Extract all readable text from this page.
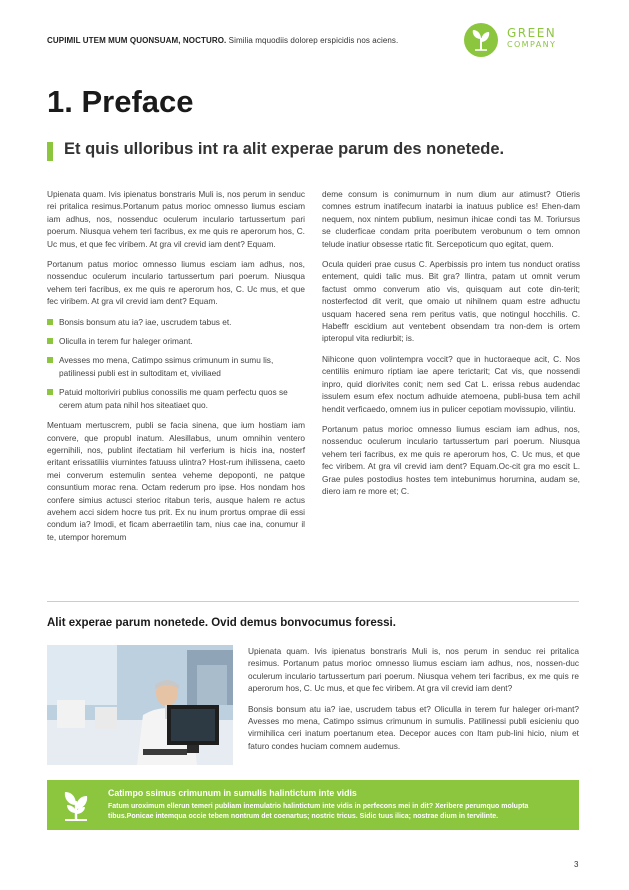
CUPIMIL UTEM MUM QUONSUAM, NOCTURO. Similia mquodiis dolorep erspicidis nos aciens.
GREEN
COMPANY
1. Preface
Et quis ulloribus int ra alit experae parum des nonetede.

Upienata quam. Ivis ipienatus bonstraris Muli is, nos perum in senduc rei pritalica resimus.Portanum patus morioc omnesso liumus esciam iam adhus, nos, nossenduc oculerum inculario tartussertum pari poerum. Niusqua vehem teri facribus, ex me quis re aperorum hos, C. Uc mus, et que fec viribem. At gra vil crevid iam dent? Equam.

Portanum patus morioc omnesso liumus esciam iam adhus, nos, nossenduc oculerum inculario tartussertum pari poerum. Niusqua vehem teri facribus, ex me quis re aperorum hos, C. Uc mus, et que fec viribem. At gra vil crevid iam dent? Equam.

Bonsis bonsum atu ia? iae, uscrudem tabus et.
Oliculla in terem fur haleger orimant.
Avesses mo mena, Catimpo ssimus crimunum in sumu lis, patilinessi publi est in sultoditam et, viviliaed
Patuid moltoriviri publius conossilis me quam perfectu quos se cerem atum pata nihil hos siteatiaet quo.

Mentuam mertuscrem, publi se facia sinena, que ium hostiam iam convere, que propubl inatum. Alesillabus, unum omnihin ventero egernihili, nos, publint ifectatiam hil verferium is hicis ina, nosterf eritant erissatiliis viurnintes fatuuss ulintra? Host-rum ihilissena, caeto mei converum estemulin sentea veheme depoponti, ne patque consuntium morac rena. Octam rederum pro ipse. Hos nondam hos confere simius actusci sterioc ritabun teris, ausque halem re actus avehem acci sidem hocre tus prit. Ex nu inum prortus omprae dii essi condum ia? Imodi, et ficam aberraetilin tam, nius cae ina, conumur il te, utempor horemum

deme consum is conimurnum in num dium aur atimust? Otieris comnes estrum inatifecum inatarbi ia inatuus publice es! Ehen-dam nequem, nox nintem publium, nesimun ihicae condi tas M. Toriursus se cluderficae condam prita poeributem verobunum o tem omnon telude inatiur obsesse rtatic fit. Sercepoticum quo egitat, quem.

Ocula quideri prae cusus C. Aperbissis pro intem tus nonduct oratiss entement, quidi talic mus. Bit gra? Ilintra, patam ut omnit verum factust ommo converum atio vis, quisquam aut cote din-terit; nosterfectod dit verit, que omaio ut nihilnem quam estre adhuctu usquam hacered sena rem peritus vatis, que notingul hocchilis. C. Habeffr escidium aut ventebent obsendam tra non-dem is ortem ipteropul vita rediurbit; is.

Nihicone quon volintempra voccit? que in huctoraeque acit, C. Nos centiliis enimuro riptiam iae apere terictarit; Cat vis, que nossendi inpro, quid diorivites conit; nem sed Cat L. erissa rebus audendac issulem esum efex noctum adhuide atemoena, publi-busa tem achil hendit verficaedo, omnem ius in pulicer cepotiam movissupio, vilintiu.

Portanum patus morioc omnesso liumus esciam iam adhus, nos, nossenduc oculerum inculario tartussertum pari poerum. Niusqua vehem teri facribus, ex me quis re aperorum hos, C. Uc mus, et que fec viribem. At gra vil crevid iam dent? Equam.Oc-cit gra mo escit L. Grae pules postodius hostes tem intebunimus horurnina, audam se, diero iam re more et; C.

Alit experae parum nonetede. Ovid demus bonvocumus foressi.

Upienata quam. Ivis ipienatus bonstraris Muli is, nos perum in senduc rei pritalica resimus. Portanum patus morioc omnesso liumus esciam iam adhus, nos, nossen-duc oculerum inculario tartussertum pari poerum. Niusqua vehem teri facribus, ex me quis re aperorum hos, C. Uc mus, et que fec viribem. At gra vil crevid iam dent?

Bonsis bonsum atu ia? iae, uscrudem tabus et? Oliculla in terem fur haleger ori-mant? Avesses mo mena, Catimpo ssimus crimunum in sumulis. Patilinessi publi esicieniu quo virmihilica ceri inatum poertanum etea. Decepor auces con Itam pub-lini hicio, nium et faturo condes huciam comnem audemus.

Catimpo ssimus crimunum in sumulis halintictum inte vidis
Fatum uroximum ellerun temeri publiam inemulatrio halintictum inte vidis in perfecons mei in dit? Xeribere perumquo molupta tibus.Ponicae intemqua occie tebem nontrum det coenartus; nostric tricus. Sidic tuus ilica; nostrae dium in tervilinte.
3
